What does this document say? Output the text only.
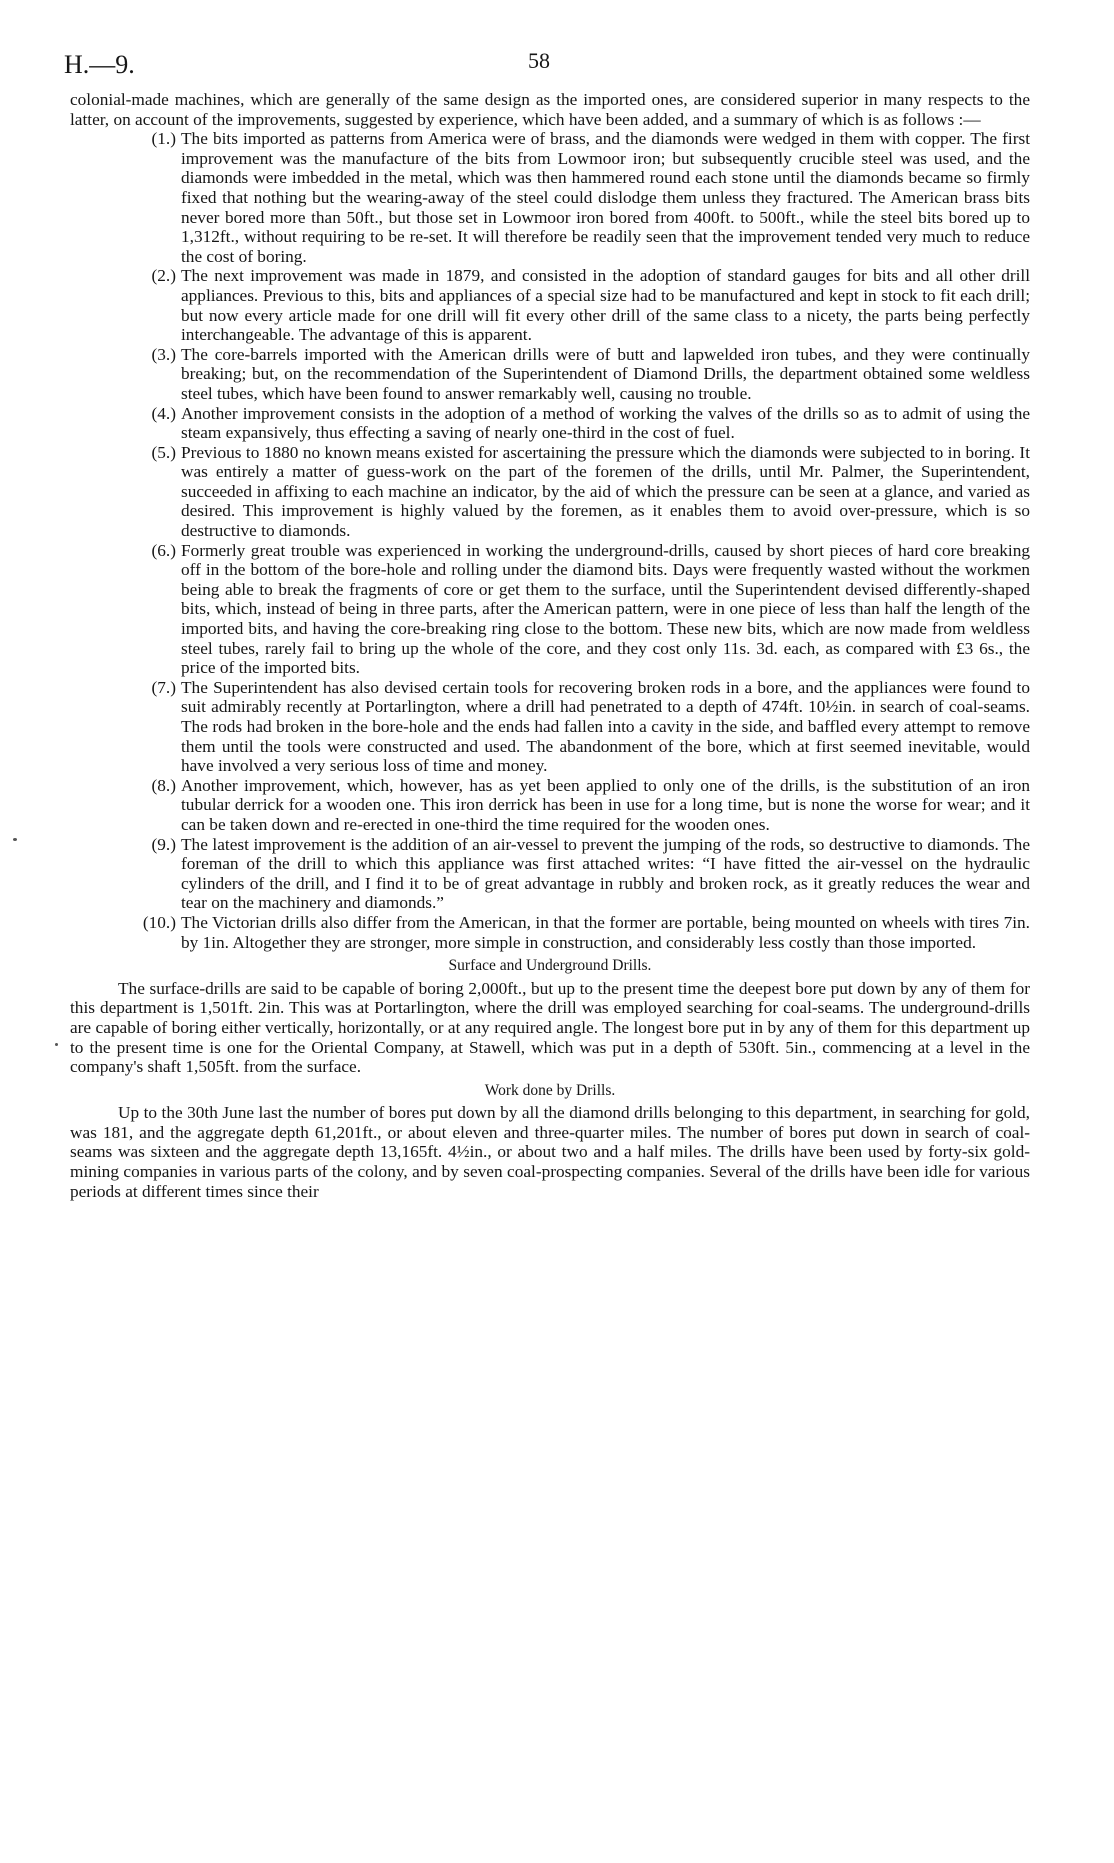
H.—9.	58

colonial-made machines, which are generally of the same design as the imported ones, are considered superior in many respects to the latter, on account of the improvements, suggested by experience, which have been added, and a summary of which is as follows :—

(1.) The bits imported as patterns from America were of brass, and the diamonds were wedged in them with copper. The first improvement was the manufacture of the bits from Lowmoor iron; but subsequently crucible steel was used, and the diamonds were imbedded in the metal, which was then hammered round each stone until the diamonds became so firmly fixed that nothing but the wearing-away of the steel could dislodge them unless they fractured. The American brass bits never bored more than 50ft., but those set in Lowmoor iron bored from 400ft. to 500ft., while the steel bits bored up to 1,312ft., without requiring to be re-set. It will therefore be readily seen that the improvement tended very much to reduce the cost of boring.
(2.) The next improvement was made in 1879, and consisted in the adoption of standard gauges for bits and all other drill appliances. Previous to this, bits and appliances of a special size had to be manufactured and kept in stock to fit each drill; but now every article made for one drill will fit every other drill of the same class to a nicety, the parts being perfectly interchangeable. The advantage of this is apparent.
(3.) The core-barrels imported with the American drills were of butt and lapwelded iron tubes, and they were continually breaking; but, on the recommendation of the Superintendent of Diamond Drills, the department obtained some weldless steel tubes, which have been found to answer remarkably well, causing no trouble.
(4.) Another improvement consists in the adoption of a method of working the valves of the drills so as to admit of using the steam expansively, thus effecting a saving of nearly one-third in the cost of fuel.
(5.) Previous to 1880 no known means existed for ascertaining the pressure which the diamonds were subjected to in boring. It was entirely a matter of guess-work on the part of the foremen of the drills, until Mr. Palmer, the Superintendent, succeeded in affixing to each machine an indicator, by the aid of which the pressure can be seen at a glance, and varied as desired. This improvement is highly valued by the foremen, as it enables them to avoid over-pressure, which is so destructive to diamonds.
(6.) Formerly great trouble was experienced in working the underground-drills, caused by short pieces of hard core breaking off in the bottom of the bore-hole and rolling under the diamond bits. Days were frequently wasted without the workmen being able to break the fragments of core or get them to the surface, until the Superintendent devised differently-shaped bits, which, instead of being in three parts, after the American pattern, were in one piece of less than half the length of the imported bits, and having the core-breaking ring close to the bottom. These new bits, which are now made from weldless steel tubes, rarely fail to bring up the whole of the core, and they cost only 11s. 3d. each, as compared with £3 6s., the price of the imported bits.
(7.) The Superintendent has also devised certain tools for recovering broken rods in a bore, and the appliances were found to suit admirably recently at Portarlington, where a drill had penetrated to a depth of 474ft. 10½in. in search of coal-seams. The rods had broken in the bore-hole and the ends had fallen into a cavity in the side, and baffled every attempt to remove them until the tools were constructed and used. The abandonment of the bore, which at first seemed inevitable, would have involved a very serious loss of time and money.
(8.) Another improvement, which, however, has as yet been applied to only one of the drills, is the substitution of an iron tubular derrick for a wooden one. This iron derrick has been in use for a long time, but is none the worse for wear; and it can be taken down and re-erected in one-third the time required for the wooden ones.
(9.) The latest improvement is the addition of an air-vessel to prevent the jumping of the rods, so destructive to diamonds. The foreman of the drill to which this appliance was first attached writes: “I have fitted the air-vessel on the hydraulic cylinders of the drill, and I find it to be of great advantage in rubbly and broken rock, as it greatly reduces the wear and tear on the machinery and diamonds.”
(10.) The Victorian drills also differ from the American, in that the former are portable, being mounted on wheels with tires 7in. by 1in. Altogether they are stronger, more simple in construction, and considerably less costly than those imported.
Surface and Underground Drills.

The surface-drills are said to be capable of boring 2,000ft., but up to the present time the deepest bore put down by any of them for this department is 1,501ft. 2in. This was at Portarlington, where the drill was employed searching for coal-seams. The underground-drills are capable of boring either vertically, horizontally, or at any required angle. The longest bore put in by any of them for this department up to the present time is one for the Oriental Company, at Stawell, which was put in a depth of 530ft. 5in., commencing at a level in the company's shaft 1,505ft. from the surface.

Work done by Drills.

Up to the 30th June last the number of bores put down by all the diamond drills belonging to this department, in searching for gold, was 181, and the aggregate depth 61,201ft., or about eleven and three-quarter miles. The number of bores put down in search of coal-seams was sixteen and the aggregate depth 13,165ft. 4½in., or about two and a half miles. The drills have been used by forty-six gold-mining companies in various parts of the colony, and by seven coal-prospecting companies. Several of the drills have been idle for various periods at different times since their
